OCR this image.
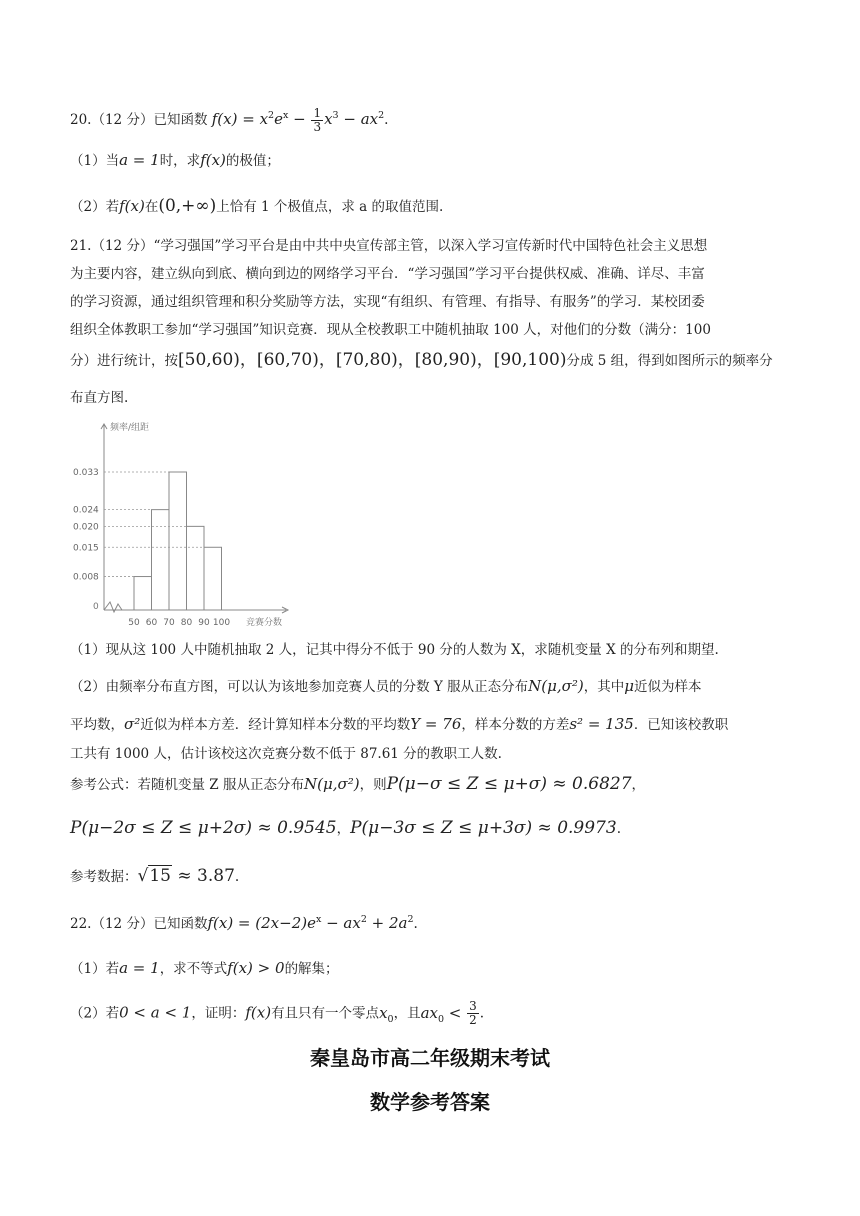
20.（12 分）已知函数 $f(x) = x^2e^x - \frac{1}{3} x^3 - ax^2$.
（1）当a = 1时，求f(x)的极值；
（2）若f(x)在(0,+∞)上恰有 1 个极值点，求 a 的取值范围.
21.（12 分）“学习强国”学习平台是由中共中央宣传部主管，以深入学习宣传新时代中国特色社会主义思想
为主要内容，建立纵向到底、横向到边的网络学习平台．“学习强国”学习平台提供权威、准确、详尽、丰富
的学习资源，通过组织管理和积分奖励等方法，实现“有组织、有管理、有指导、有服务”的学习．某校团委
组织全体教职工参加“学习强国”知识竞赛．现从全校教职工中随机抽取 100 人，对他们的分数（满分：100
分）进行统计，按[50,60)，[60,70)，[70,80)，[80,90)，[90,100)分成 5 组，得到如图所示的频率分
布直方图.
频率/组距
竞赛分数
0
0.008
0.015
0.020
0.024
0.033
50 60 70 80 90 100
（1）现从这 100 人中随机抽取 2 人，记其中得分不低于 90 分的人数为 X，求随机变量 X 的分布列和期望.
（2）由频率分布直方图，可以认为该地参加竞赛人员的分数 Y 服从正态分布N(μ,σ²)，其中μ近似为样本
平均数，σ²近似为样本方差．经计算知样本分数的平均数Y = 76，样本分数的方差s² = 135．已知该校教职
工共有 1000 人，估计该校这次竞赛分数不低于 87.61 分的教职工人数.
参考公式：若随机变量 Z 服从正态分布N(μ,σ²)，则P(μ−σ ≤ Z ≤ μ+σ) ≈ 0.6827，
P(μ−2σ ≤ Z ≤ μ+2σ) ≈ 0.9545，P(μ−3σ ≤ Z ≤ μ+3σ) ≈ 0.9973.
参考数据：√15 ≈ 3.87.
22.（12 分）已知函数$f(x) = (2x-2)e^x - ax^2 + 2a^2$.
（1）若a = 1，求不等式f(x) > 0的解集；
（2）若0 < a < 1，证明：f(x)有且只有一个零点$x_0$，且$ax_0 < \frac{3}{2}$ .
秦皇岛市高二年级期末考试
数学参考答案
